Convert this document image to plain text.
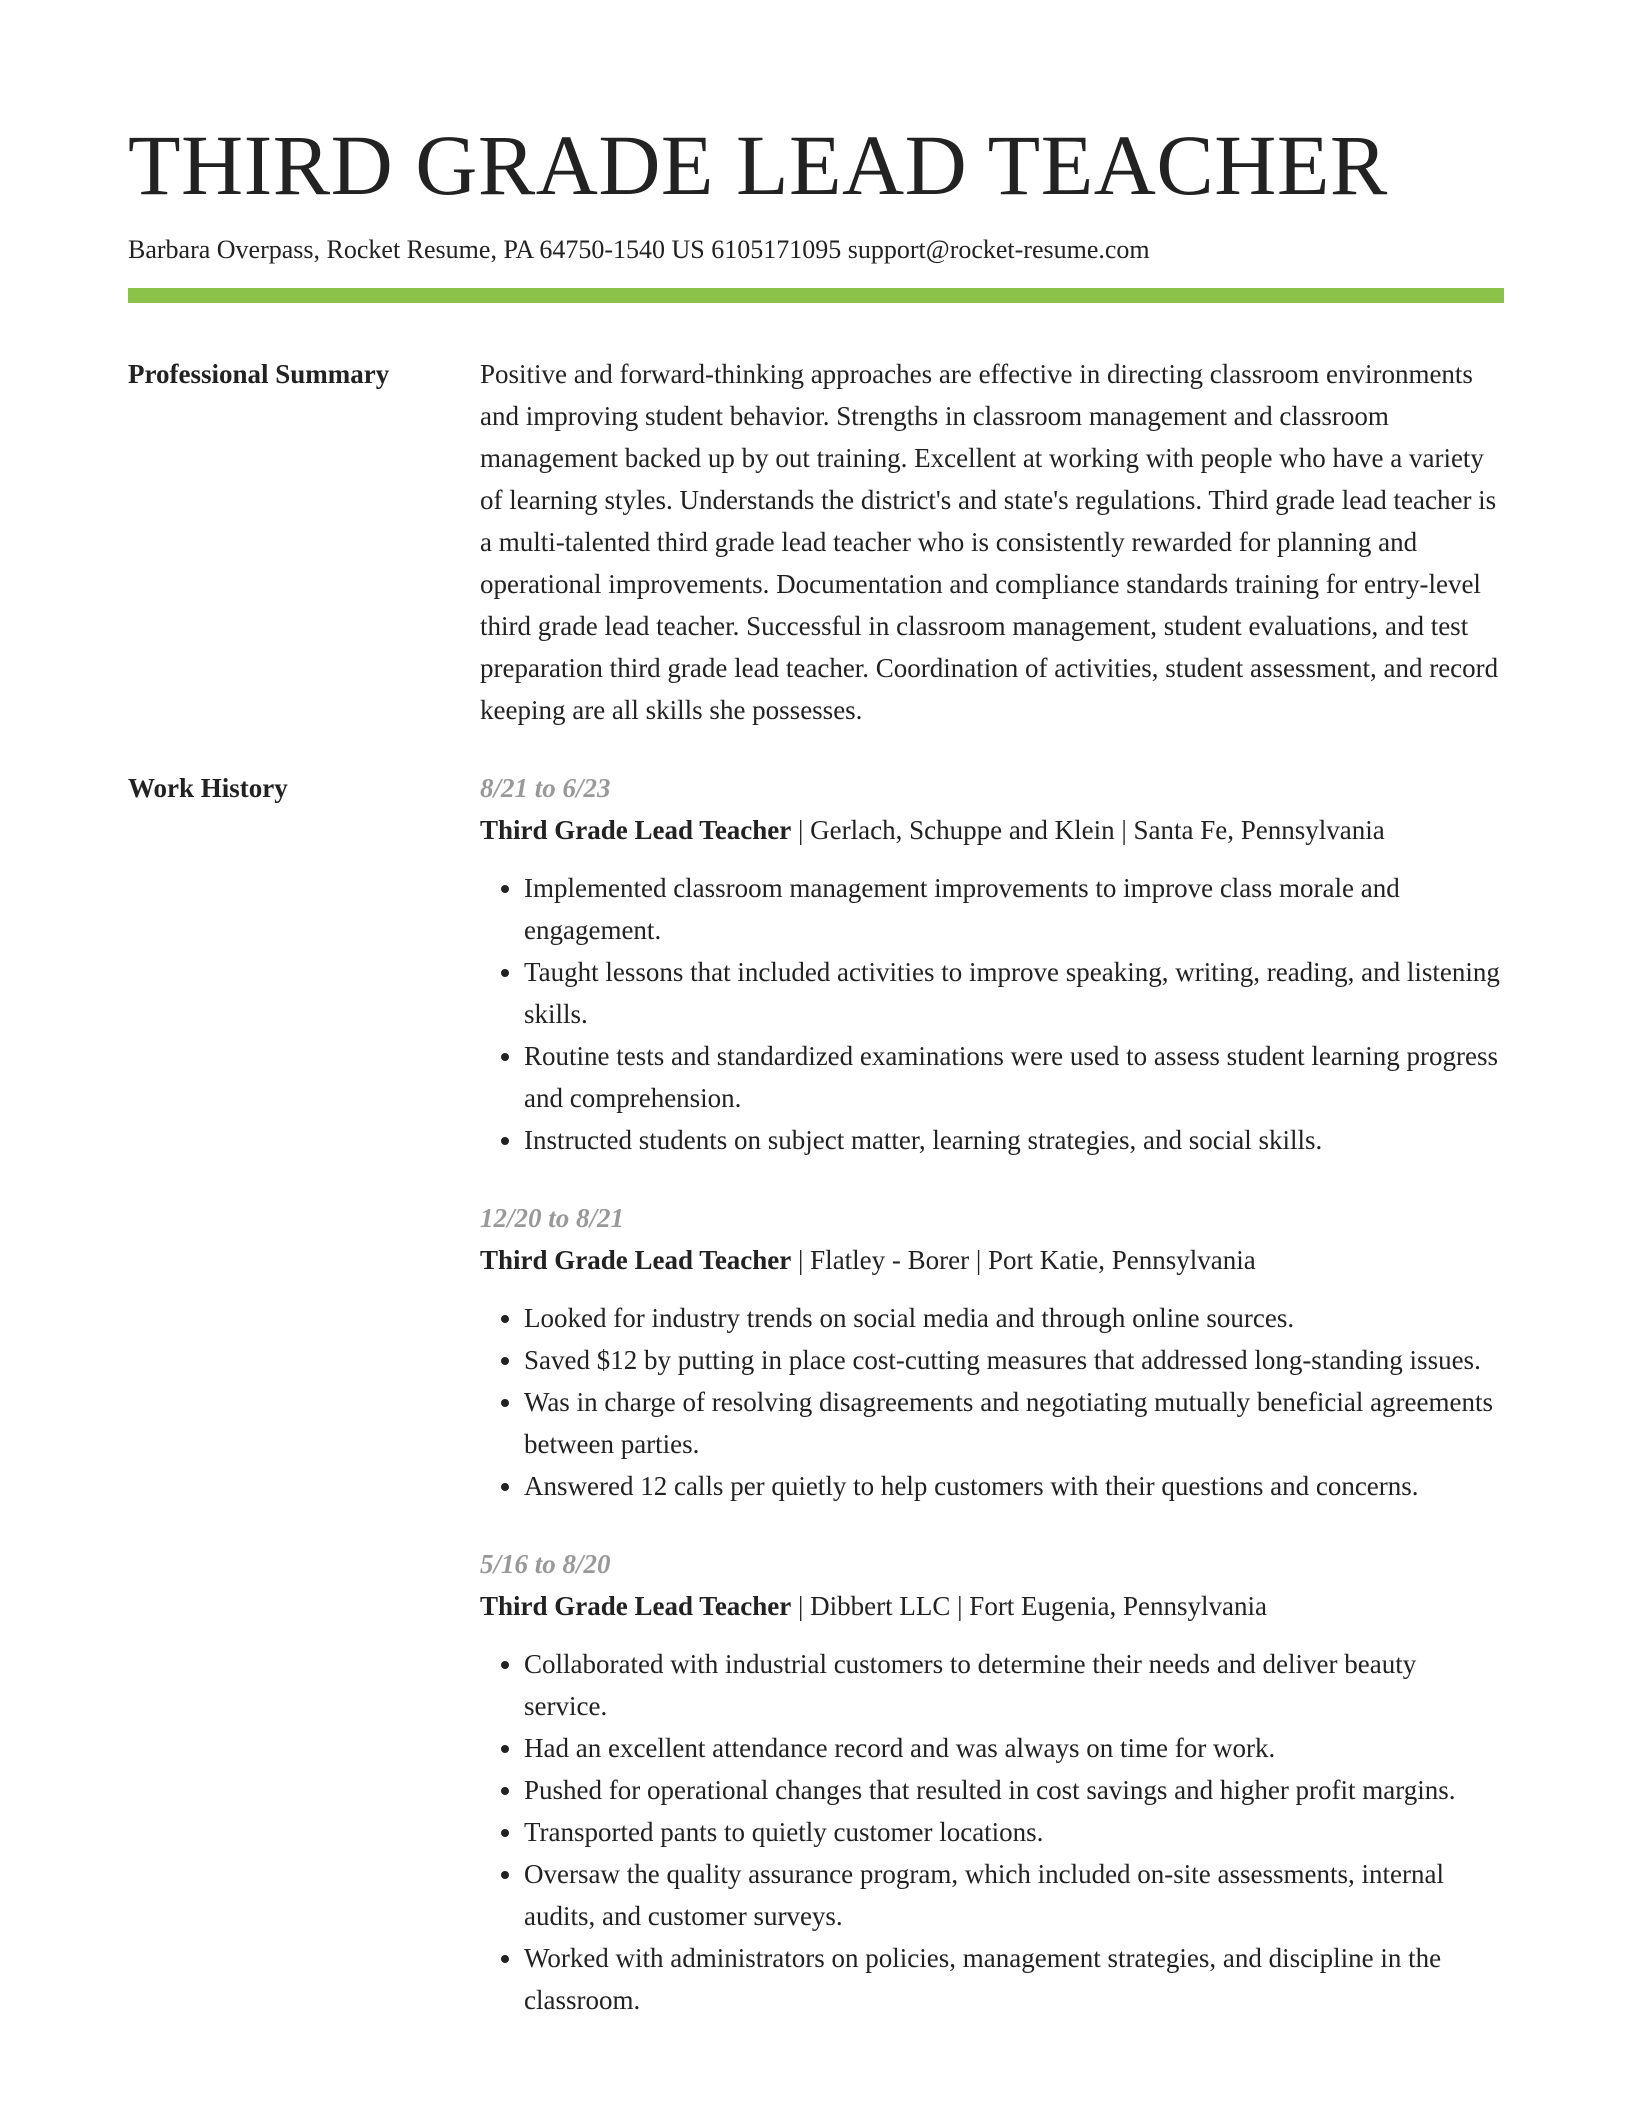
THIRD GRADE LEAD TEACHER
Barbara Overpass, Rocket Resume, PA 64750-1540 US 6105171095 support@rocket-resume.com
Professional Summary	Positive and forward-thinking approaches are effective in directing classroom environments and improving student behavior. Strengths in classroom management and classroom management backed up by out training. Excellent at working with people who have a variety of learning styles. Understands the district's and state's regulations. Third grade lead teacher is a multi-talented third grade lead teacher who is consistently rewarded for planning and operational improvements. Documentation and compliance standards training for entry-level third grade lead teacher. Successful in classroom management, student evaluations, and test preparation third grade lead teacher. Coordination of activities, student assessment, and record keeping are all skills she possesses.

Work History	8/21 to 6/23
Third Grade Lead Teacher | Gerlach, Schuppe and Klein | Santa Fe, Pennsylvania
• Implemented classroom management improvements to improve class morale and engagement.
• Taught lessons that included activities to improve speaking, writing, reading, and listening skills.
• Routine tests and standardized examinations were used to assess student learning progress and comprehension.
• Instructed students on subject matter, learning strategies, and social skills.
12/20 to 8/21
Third Grade Lead Teacher | Flatley - Borer | Port Katie, Pennsylvania
• Looked for industry trends on social media and through online sources.
• Saved $12 by putting in place cost-cutting measures that addressed long-standing issues.
• Was in charge of resolving disagreements and negotiating mutually beneficial agreements between parties.
• Answered 12 calls per quietly to help customers with their questions and concerns.
5/16 to 8/20
Third Grade Lead Teacher | Dibbert LLC | Fort Eugenia, Pennsylvania
• Collaborated with industrial customers to determine their needs and deliver beauty service.
• Had an excellent attendance record and was always on time for work.
• Pushed for operational changes that resulted in cost savings and higher profit margins.
• Transported pants to quietly customer locations.
• Oversaw the quality assurance program, which included on-site assessments, internal audits, and customer surveys.
• Worked with administrators on policies, management strategies, and discipline in the classroom.
